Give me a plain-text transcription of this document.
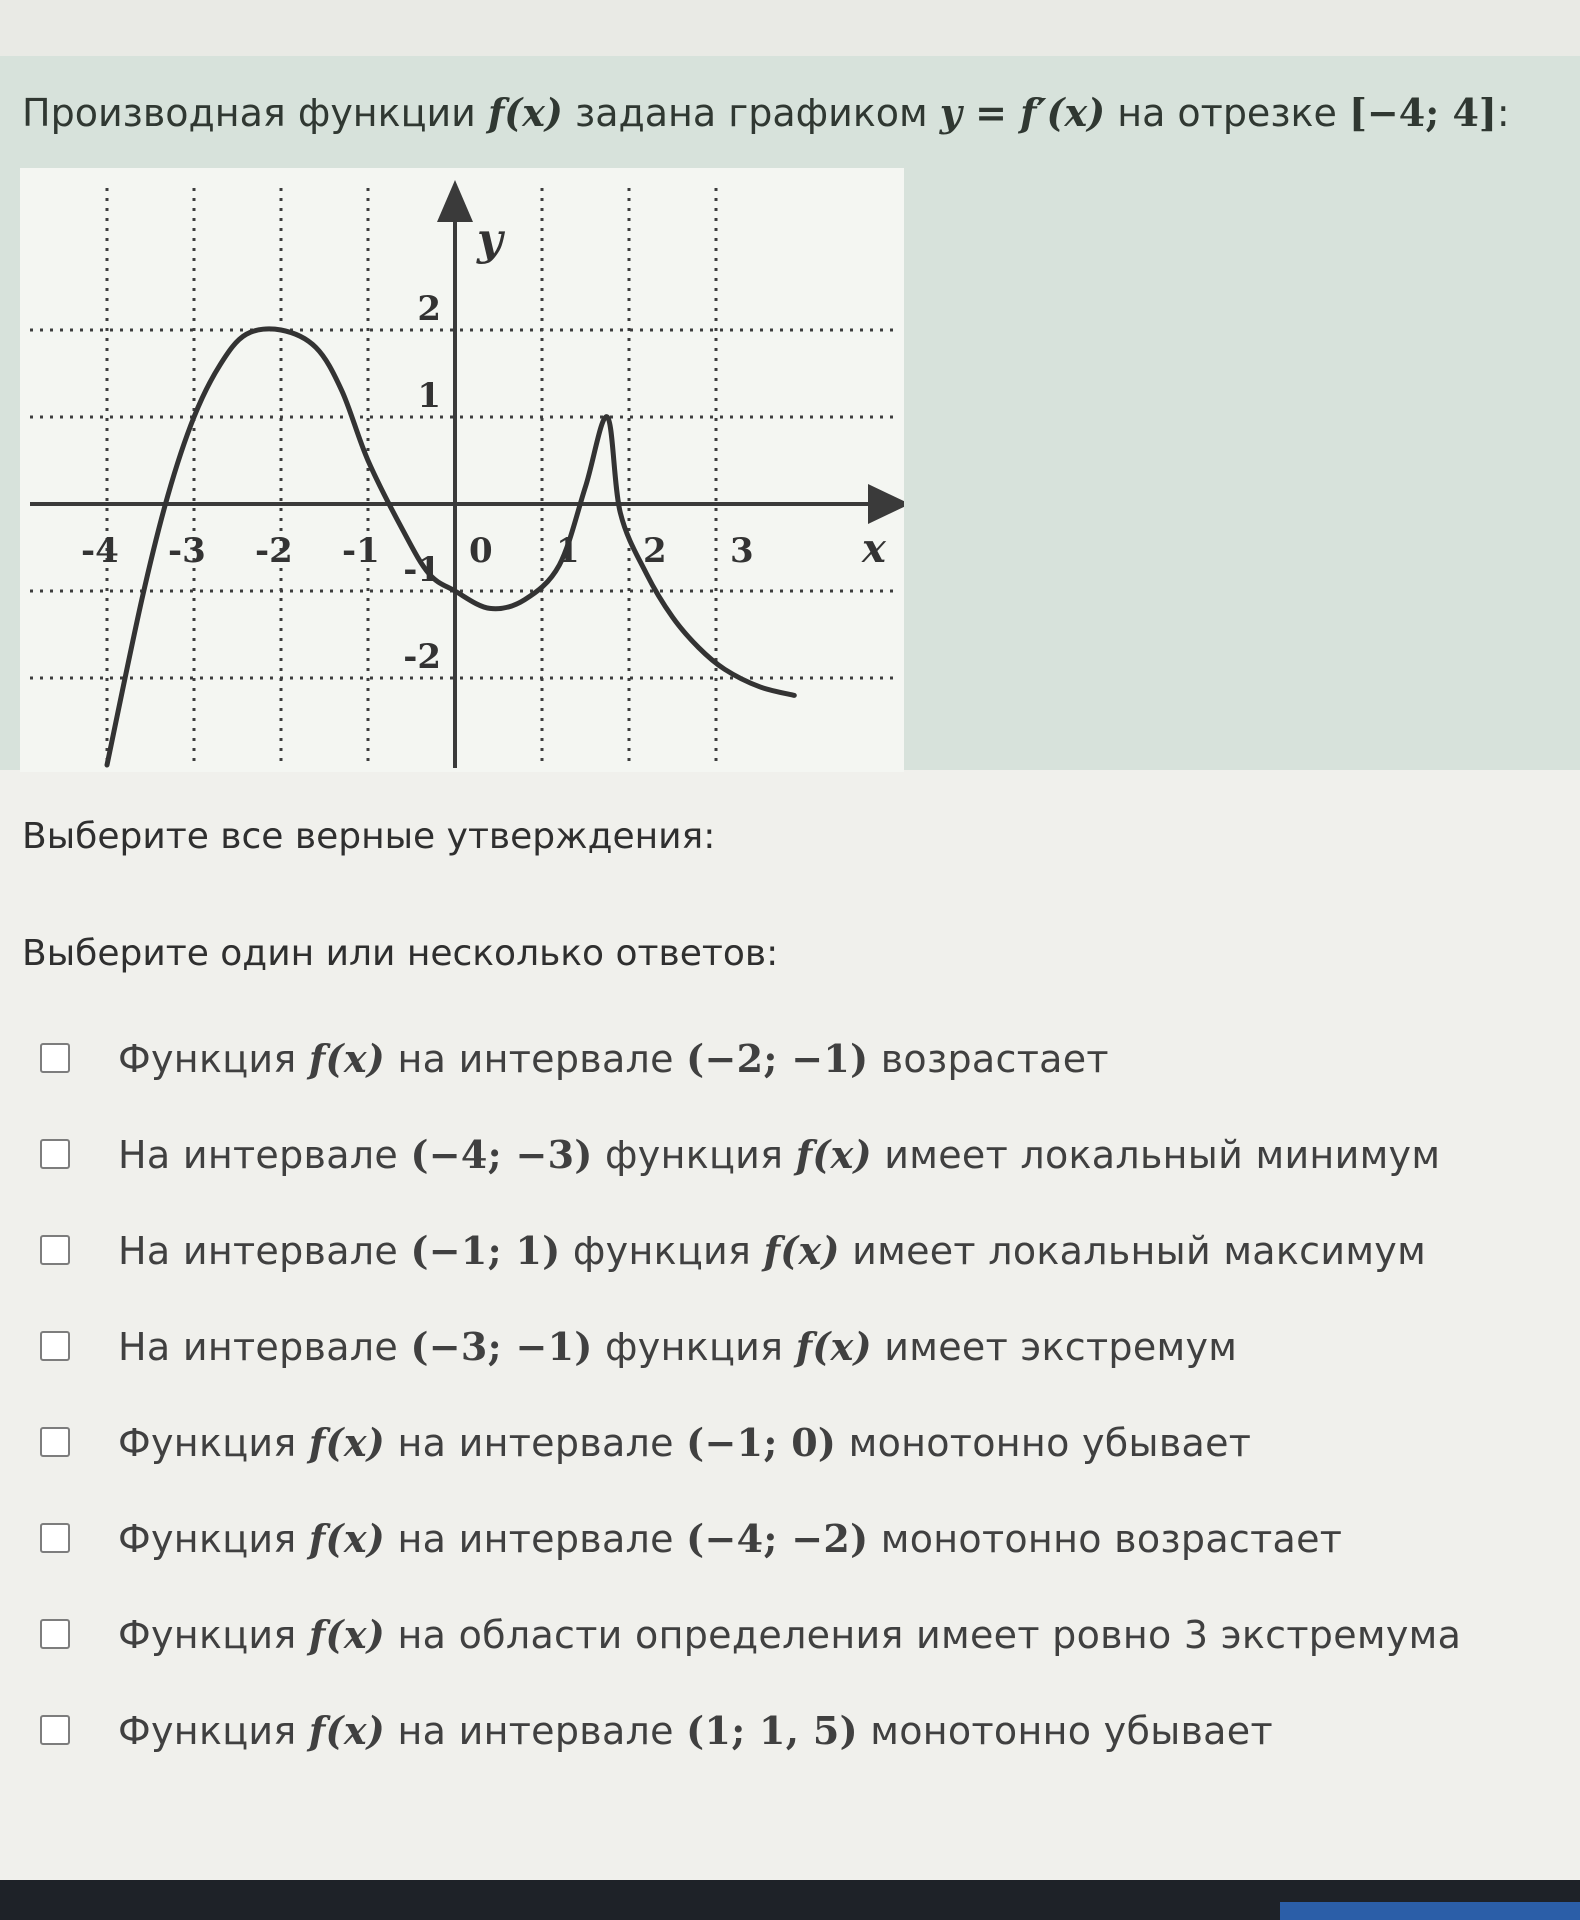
Производная функции f(x) задана графиком y = f′(x) на отрезке [−4; 4]:
-4 -3 -2 -1	0 1 2 3
2
1
-1
-2
x
y
Выберите все верные утверждения:
Выберите один или несколько ответов:
Функция f(x) на интервале (−2; −1) возрастает
На интервале (−4; −3) функция f(x) имеет локальный минимум
На интервале (−1; 1) функция f(x) имеет локальный максимум
На интервале (−3; −1) функция f(x) имеет экстремум
Функция f(x) на интервале (−1; 0) монотонно убывает
Функция f(x) на интервале (−4; −2) монотонно возрастает
Функция f(x) на области определения имеет ровно 3 экстремума
Функция f(x) на интервале (1; 1, 5) монотонно убывает
